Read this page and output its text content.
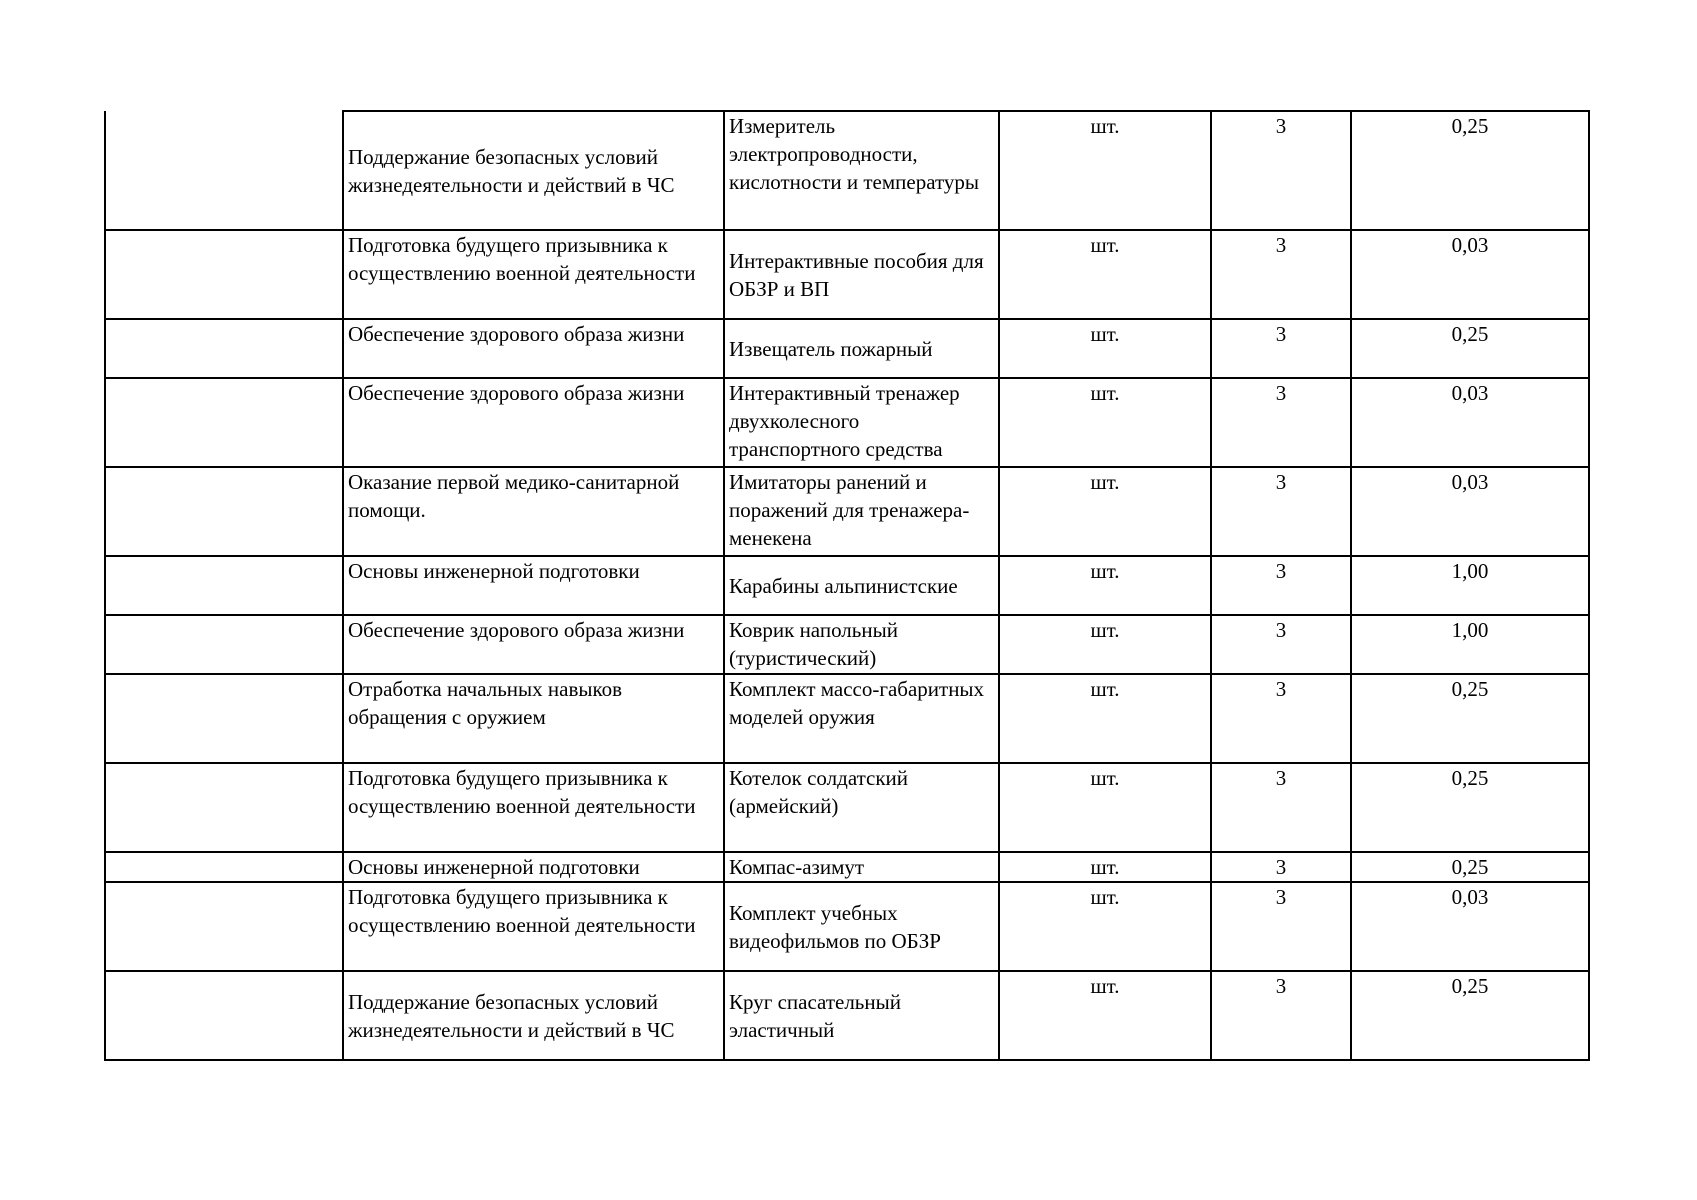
	Поддержание безопасных условий жизнедеятельности и действий в ЧС	Измеритель электропроводности, кислотности и температуры	шт.	3	0,25

	Подготовка будущего призывника к осуществлению военной деятельности	Интерактивные пособия для ОБЗР и ВП	шт.	3	0,03

	Обеспечение здорового образа жизни	Извещатель пожарный	шт.	3	0,25

	Обеспечение здорового образа жизни	Интерактивный тренажер двухколесного транспортного средства	шт.	3	0,03

	Оказание первой медико-санитарной помощи.	Имитаторы ранений и поражений для тренажера-менекена	шт.	3	0,03

	Основы инженерной подготовки	Карабины альпинистские	шт.	3	1,00

	Обеспечение здорового образа жизни	Коврик напольный (туристический)	шт.	3	1,00

	Отработка начальных навыков обращения с оружием	Комплект массо-габаритных моделей оружия	шт.	3	0,25

	Подготовка будущего призывника к осуществлению военной деятельности	Котелок солдатский (армейский)	шт.	3	0,25

	Основы инженерной подготовки	Компас-азимут	шт.	3	0,25

	Подготовка будущего призывника к осуществлению военной деятельности	Комплект учебных видеофильмов по ОБЗР	шт.	3	0,03

	Поддержание безопасных условий жизнедеятельности и действий в ЧС	Круг спасательный эластичный	шт.	3	0,25
